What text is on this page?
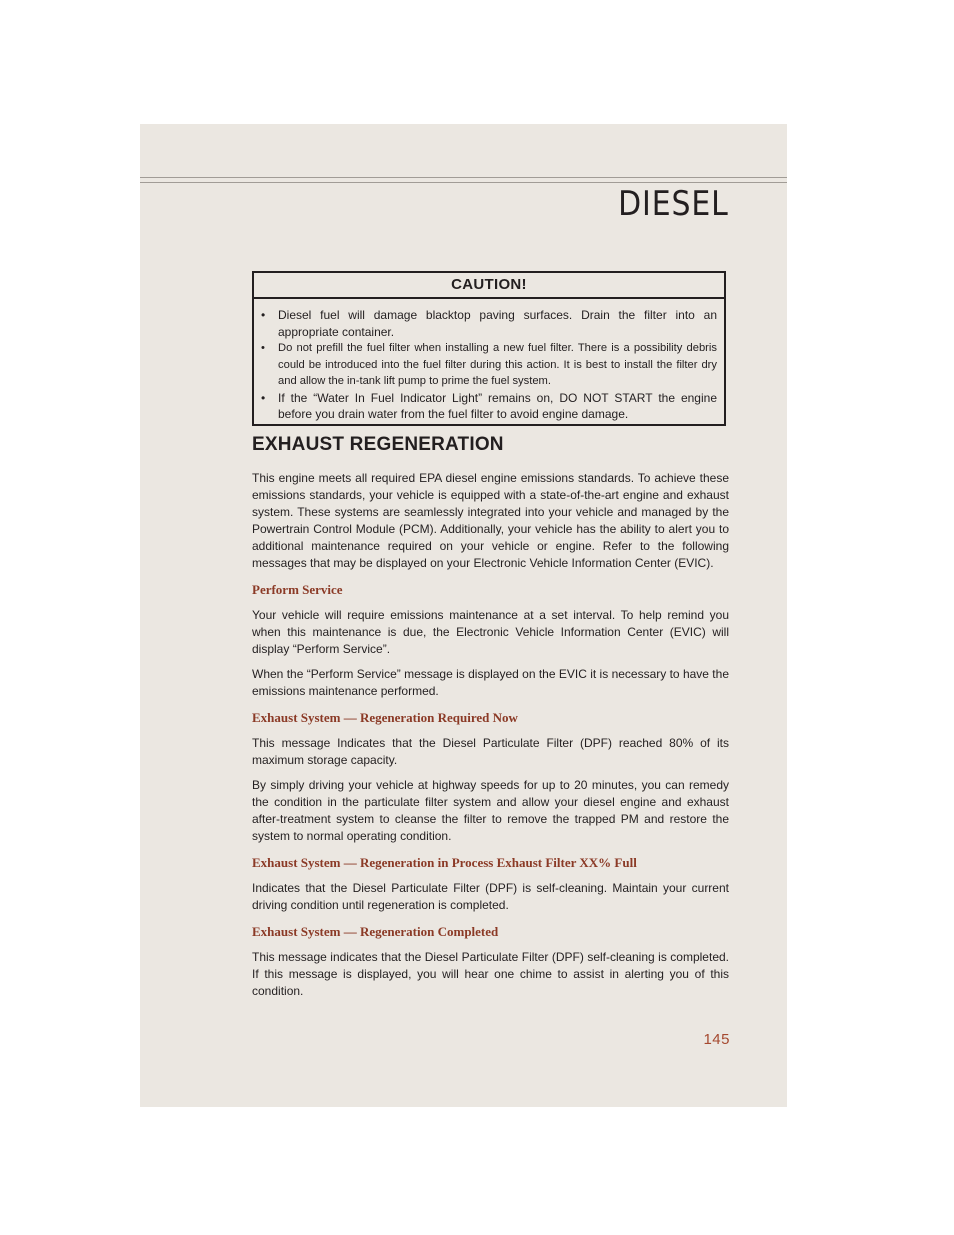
DIESEL
CAUTION!
• Diesel fuel will damage blacktop paving surfaces. Drain the filter into an appropriate container.
• Do not prefill the fuel filter when installing a new fuel filter. There is a possibility debris could be introduced into the fuel filter during this action. It is best to install the filter dry and allow the in-tank lift pump to prime the fuel system.
• If the “Water In Fuel Indicator Light” remains on, DO NOT START the engine before you drain water from the fuel filter to avoid engine damage.
EXHAUST REGENERATION

This engine meets all required EPA diesel engine emissions standards. To achieve these emissions standards, your vehicle is equipped with a state-of-the-art engine and exhaust system. These systems are seamlessly integrated into your vehicle and managed by the Powertrain Control Module (PCM). Additionally, your vehicle has the ability to alert you to additional maintenance required on your vehicle or engine. Refer to the following messages that may be displayed on your Electronic Vehicle Information Center (EVIC).

Perform Service

Your vehicle will require emissions maintenance at a set interval. To help remind you when this maintenance is due, the Electronic Vehicle Information Center (EVIC) will display “Perform Service”.

When the “Perform Service” message is displayed on the EVIC it is necessary to have the emissions maintenance performed.

Exhaust System — Regeneration Required Now

This message Indicates that the Diesel Particulate Filter (DPF) reached 80% of its maximum storage capacity.

By simply driving your vehicle at highway speeds for up to 20 minutes, you can remedy the condition in the particulate filter system and allow your diesel engine and exhaust after-treatment system to cleanse the filter to remove the trapped PM and restore the system to normal operating condition.

Exhaust System — Regeneration in Process Exhaust Filter XX% Full

Indicates that the Diesel Particulate Filter (DPF) is self-cleaning. Maintain your current driving condition until regeneration is completed.

Exhaust System — Regeneration Completed

This message indicates that the Diesel Particulate Filter (DPF) self-cleaning is completed. If this message is displayed, you will hear one chime to assist in alerting you of this condition.

145
